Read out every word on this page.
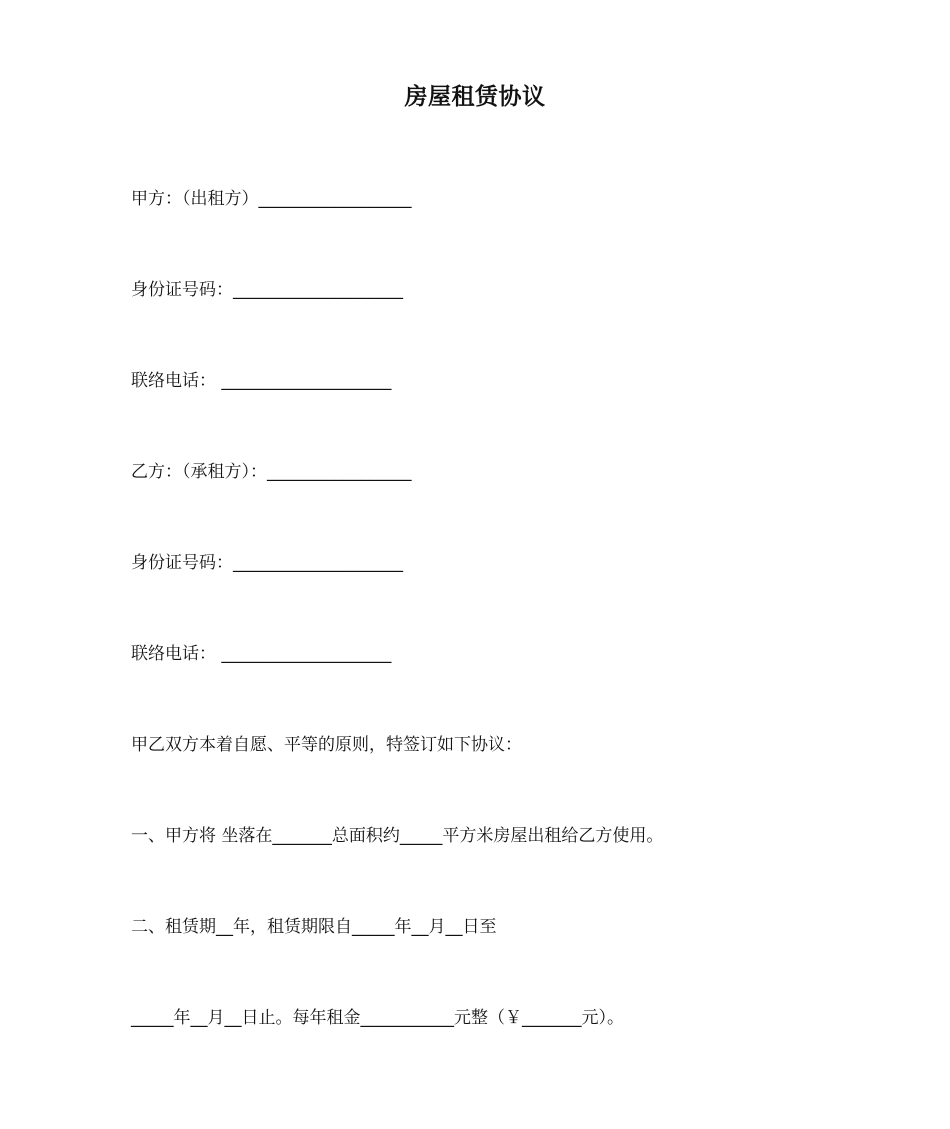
房屋租赁协议
甲方：（出租方）__________________
身份证号码：____________________
联络电话： ____________________
乙方：（承租方）：_________________
身份证号码：____________________
联络电话： ____________________
甲乙双方本着自愿、平等的原则，特签订如下协议：
一、甲方将 坐落在_______总面积约_____平方米房屋出租给乙方使用。
二、租赁期__年，租赁期限自_____年__月__日至
_____年__月__日止。每年租金___________元整（￥_______元）。
